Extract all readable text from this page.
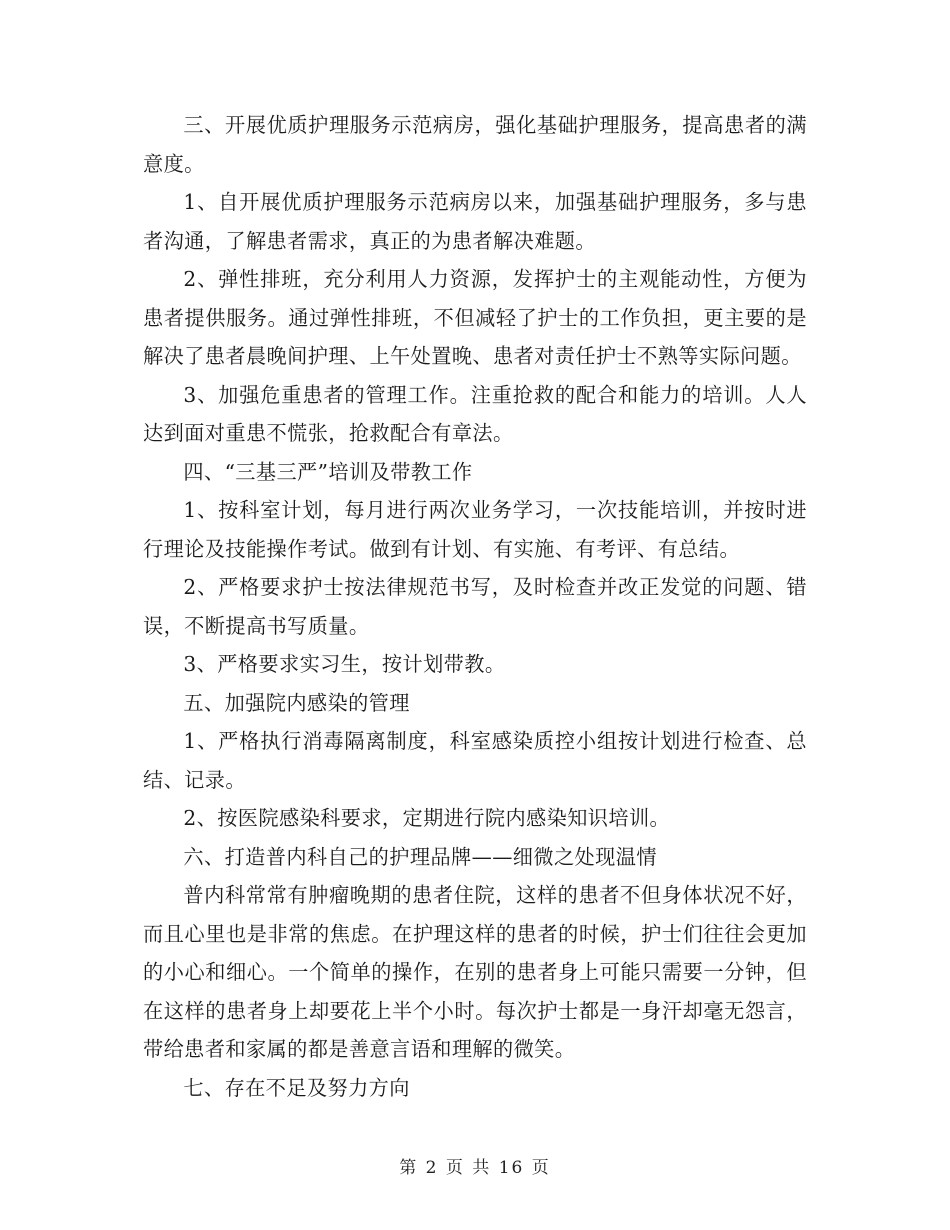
三、开展优质护理服务示范病房，强化基础护理服务，提高患者的满意度。

1、自开展优质护理服务示范病房以来，加强基础护理服务，多与患者沟通，了解患者需求，真正的为患者解决难题。

2、弹性排班，充分利用人力资源，发挥护士的主观能动性，方便为患者提供服务。通过弹性排班，不但减轻了护士的工作负担，更主要的是解决了患者晨晚间护理、上午处置晚、患者对责任护士不熟等实际问题。

3、加强危重患者的管理工作。注重抢救的配合和能力的培训。人人达到面对重患不慌张，抢救配合有章法。

四、“三基三严”培训及带教工作

1、按科室计划，每月进行两次业务学习，一次技能培训，并按时进行理论及技能操作考试。做到有计划、有实施、有考评、有总结。

2、严格要求护士按法律规范书写，及时检查并改正发觉的问题、错误，不断提高书写质量。

3、严格要求实习生，按计划带教。

五、加强院内感染的管理

1、严格执行消毒隔离制度，科室感染质控小组按计划进行检查、总结、记录。

2、按医院感染科要求，定期进行院内感染知识培训。

六、打造普内科自己的护理品牌——细微之处现温情

普内科常常有肿瘤晚期的患者住院，这样的患者不但身体状况不好，而且心里也是非常的焦虑。在护理这样的患者的时候，护士们往往会更加的小心和细心。一个简单的操作，在别的患者身上可能只需要一分钟，但在这样的患者身上却要花上半个小时。每次护士都是一身汗却毫无怨言，带给患者和家属的都是善意言语和理解的微笑。

七、存在不足及努力方向

第 2 页 共 16 页
